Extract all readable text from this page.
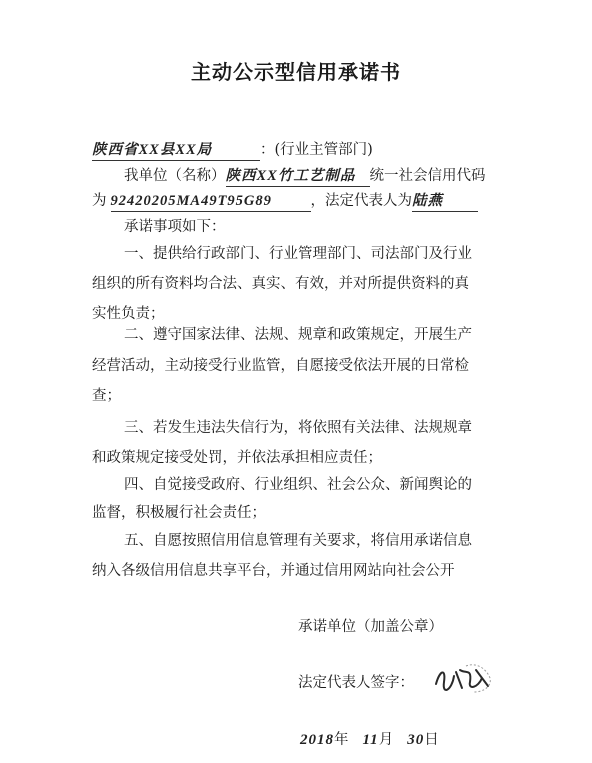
主动公示型信用承诺书
陕西省XX县XX局	：(行业主管部门)
我单位（名称）陕西XX竹工艺制品 统一社会信用代码
为 92420205MA49T95G89	，法定代表人为陆燕
承诺事项如下：
一、提供给行政部门、行业管理部门、司法部门及行业
组织的所有资料均合法、真实、有效，并对所提供资料的真
实性负责；
二、遵守国家法律、法规、规章和政策规定，开展生产
经营活动，主动接受行业监管，自愿接受依法开展的日常检
查；
三、若发生违法失信行为，将依照有关法律、法规规章
和政策规定接受处罚，并依法承担相应责任；
四、自觉接受政府、行业组织、社会公众、新闻舆论的
监督，积极履行社会责任；
五、自愿按照信用信息管理有关要求，将信用承诺信息
纳入各级信用信息共享平台，并通过信用网站向社会公开
承诺单位（加盖公章）
法定代表人签字：
2018年 11月 30日
